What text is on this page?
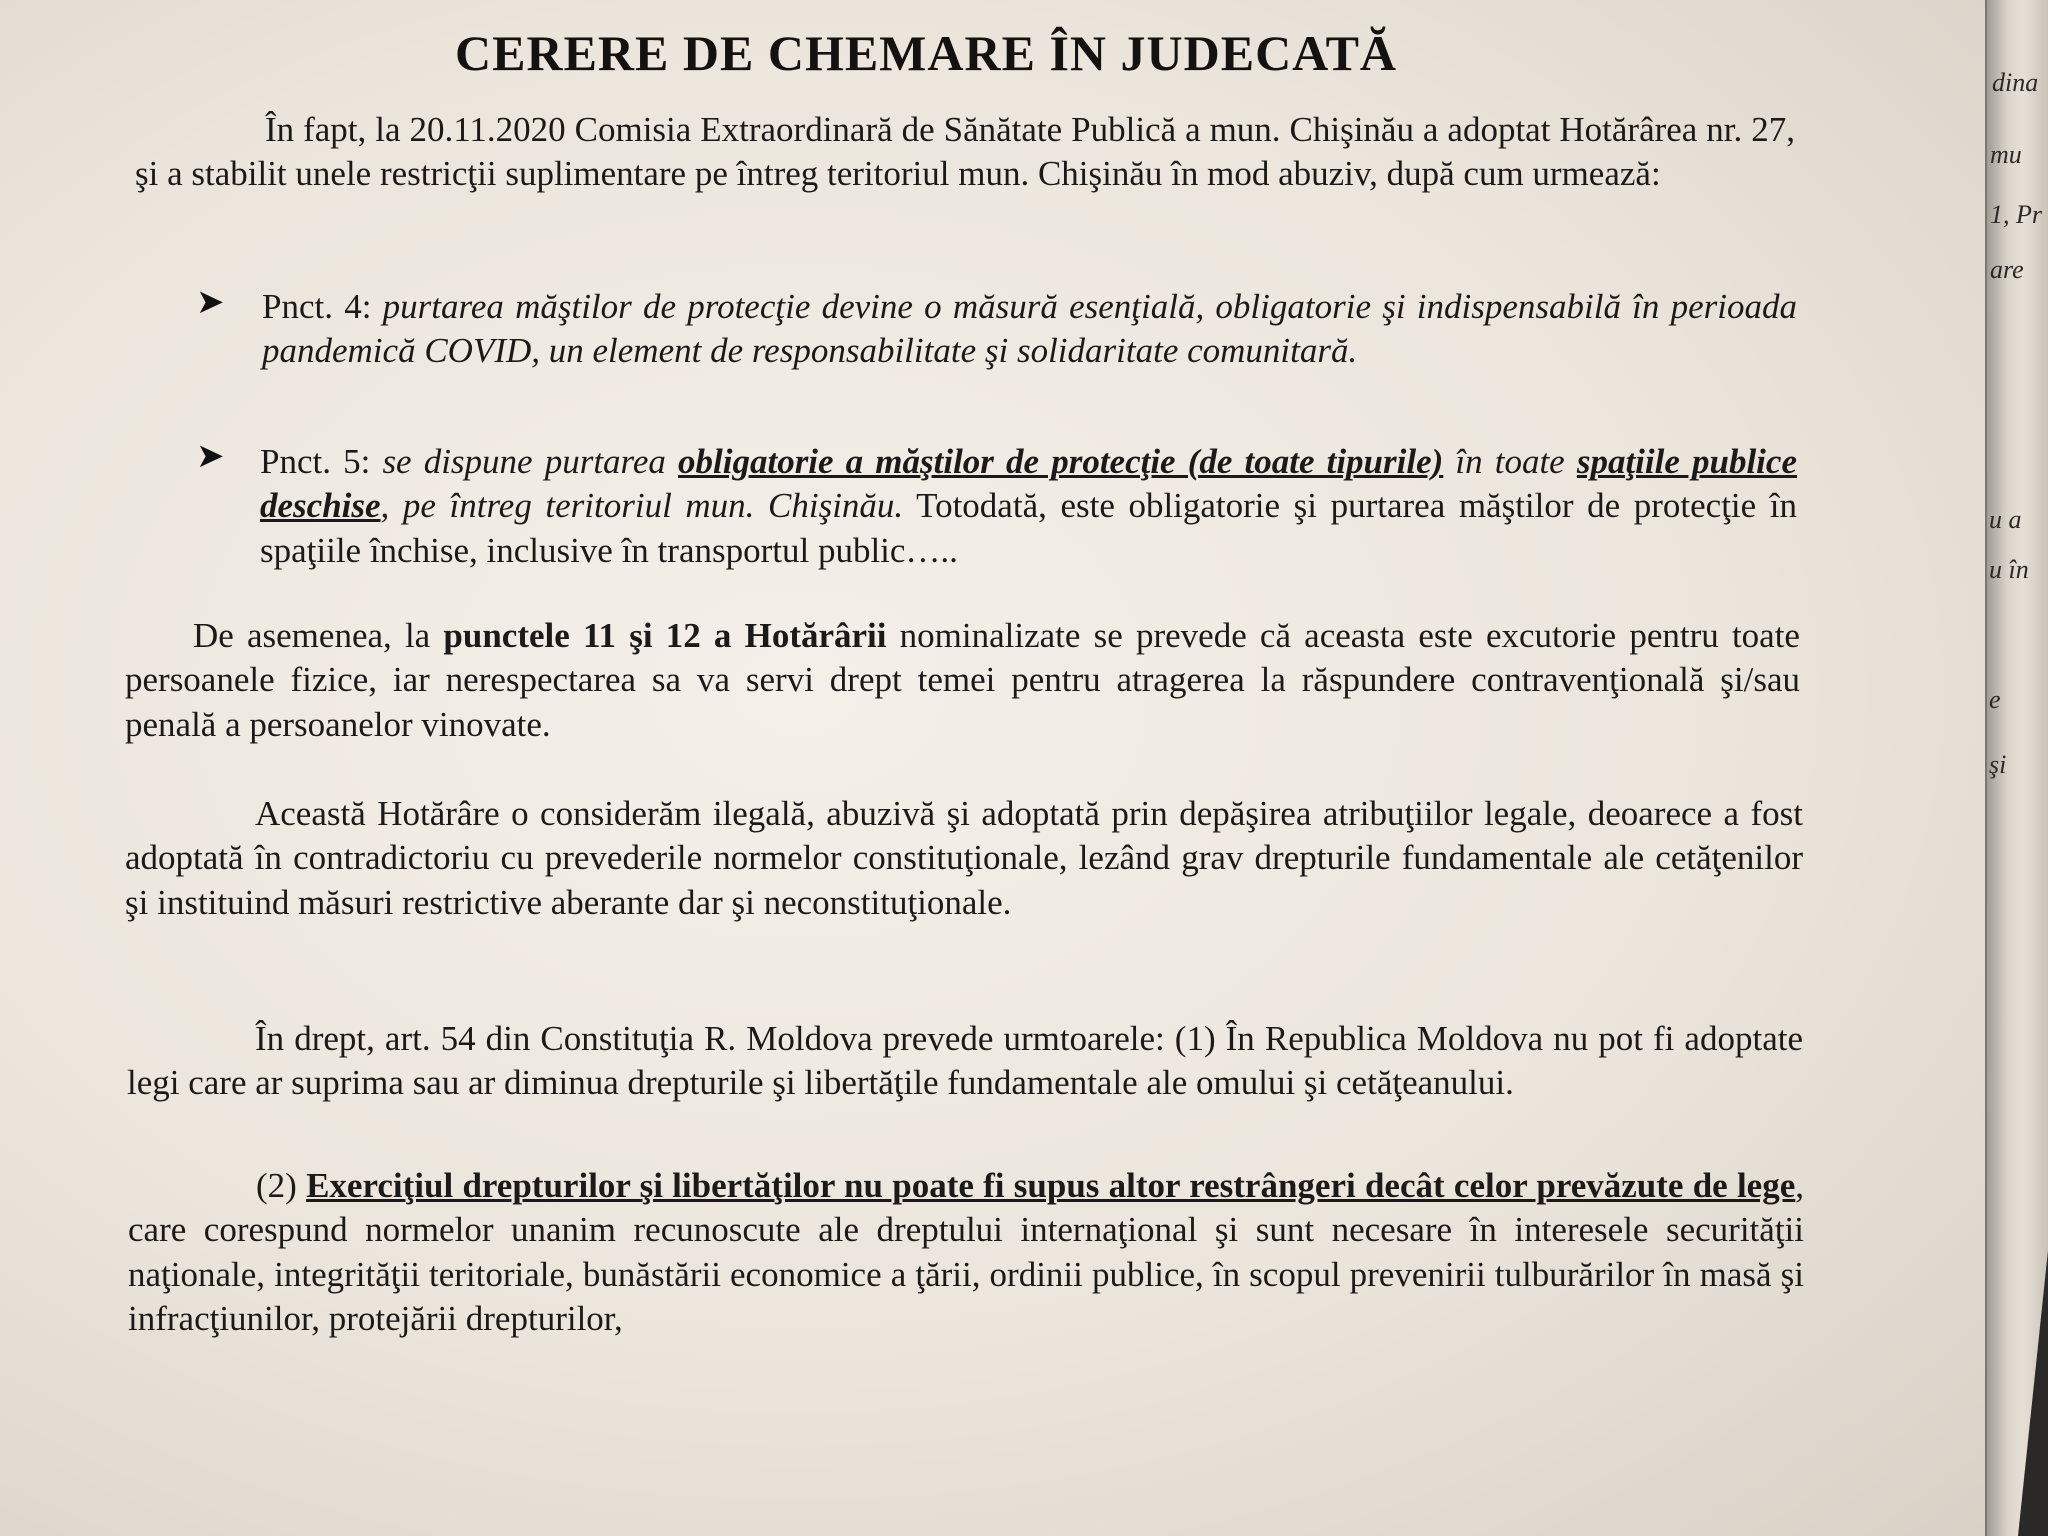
CERERE DE CHEMARE ÎN JUDECATĂ

În fapt, la 20.11.2020 Comisia Extraordinară de Sănătate Publică a mun. Chişinău a adoptat Hotărârea nr. 27, şi a stabilit unele restricţii suplimentare pe întreg teritoriul mun. Chişinău în mod abuziv, după cum urmează:

➤ Pnct. 4: purtarea măştilor de protecţie devine o măsură esenţială, obligatorie şi indispensabilă în perioada pandemică COVID, un element de responsabilitate şi solidaritate comunitară.

➤ Pnct. 5: se dispune purtarea obligatorie a măştilor de protecţie (de toate tipurile) în toate spaţiile publice deschise, pe întreg teritoriul mun. Chişinău. Totodată, este obligatorie şi purtarea măştilor de protecţie în spaţiile închise, inclusive în transportul public…..

De asemenea, la punctele 11 şi 12 a Hotărârii nominalizate se prevede că aceasta este excutorie pentru toate persoanele fizice, iar nerespectarea sa va servi drept temei pentru atragerea la răspundere contravenţională şi/sau penală a persoanelor vinovate.

Această Hotărâre o considerăm ilegală, abuzivă şi adoptată prin depăşirea atribuţiilor legale, deoarece a fost adoptată în contradictoriu cu prevederile normelor constituţionale, lezând grav drepturile fundamentale ale cetăţenilor şi instituind măsuri restrictive aberante dar şi neconstituţionale.

În drept, art. 54 din Constituţia R. Moldova prevede urmtoarele: (1) În Republica Moldova nu pot fi adoptate legi care ar suprima sau ar diminua drepturile şi libertăţile fundamentale ale omului şi cetăţeanului.

(2) Exerciţiul drepturilor şi libertăţilor nu poate fi supus altor restrângeri decât celor prevăzute de lege, care corespund normelor unanim recunoscute ale dreptului internaţional şi sunt necesare în interesele securităţii naţionale, integrităţii teritoriale, bunăstării economice a ţării, ordinii publice, în scopul prevenirii tulburărilor în masă şi infracţiunilor, protejării drepturilor,

dina
mu
1, Pr
are
u a
u în
e
şi
